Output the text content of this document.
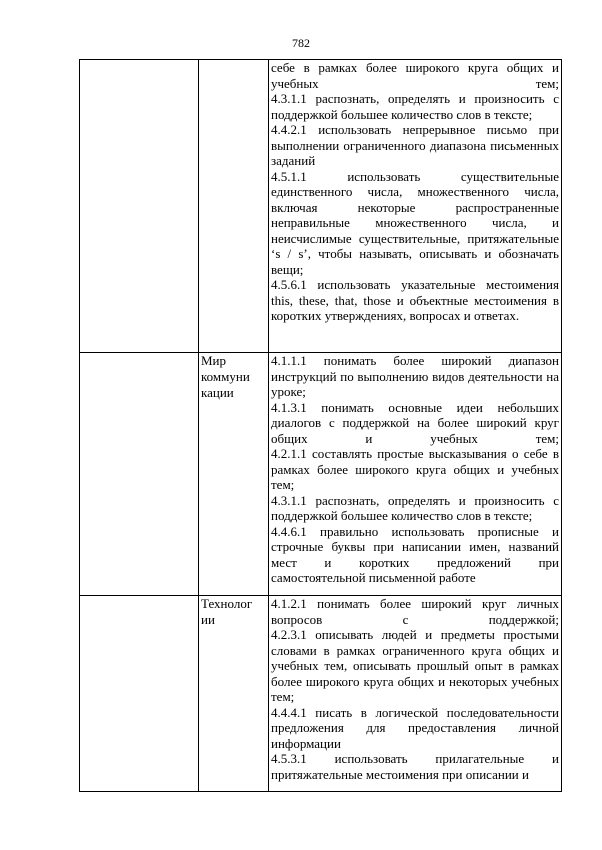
782

		себе в рамках более широкого круга общих и учебных тем;
4.3.1.1 распознать, определять и произносить с поддержкой большее количество слов в тексте;
4.4.2.1 использовать непрерывное письмо при выполнении ограниченного диапазона письменных заданий
4.5.1.1 использовать существительные единственного числа, множественного числа, включая некоторые распространенные неправильные множественного числа, и неисчислимые существительные, притяжательные ‘s / s’, чтобы называть, описывать и обозначать вещи;
4.5.6.1 использовать указательные местоимения this, these, that, those и объектные местоимения в коротких утверждениях, вопросах и ответах.

	Мир коммуни кации	4.1.1.1 понимать более широкий диапазон инструкций по выполнению видов деятельности на уроке;
4.1.3.1 понимать основные идеи небольших диалогов с поддержкой на более широкий круг общих и учебных тем;
4.2.1.1 составлять простые высказывания о себе в рамках более широкого круга общих и учебных тем;
4.3.1.1 распознать, определять и произносить с поддержкой большее количество слов в тексте;
4.4.6.1 правильно использовать прописные и строчные буквы при написании имен, названий мест и коротких предложений при самостоятельной письменной работе

	Технолог ии	4.1.2.1 понимать более широкий круг личных вопросов с поддержкой;
4.2.3.1 описывать людей и предметы простыми словами в рамках ограниченного круга общих и учебных тем, описывать прошлый опыт в рамках более широкого круга общих и некоторых учебных тем;
4.4.4.1 писать в логической последовательности предложения для предоставления личной информации
4.5.3.1 использовать прилагательные и притяжательные местоимения при описании и
